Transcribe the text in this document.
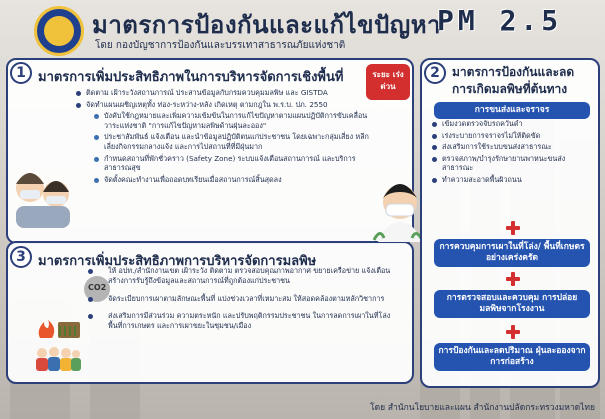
มาตรการป้องกันและแก้ไขปัญหา
PM 2.5
โดย กองบัญชาการป้องกันและบรรเทาสาธารณภัยแห่งชาติ
1 มาตรการเพิ่มประสิทธิภาพในการบริหารจัดการเชิงพื้นที่	ระยะ เร่งด่วน
ติดตาม เฝ้าระวังสถานการณ์ ประสานข้อมูลกับกรมควบคุมมลพิษ และ GISTDA
จัดทำแผนเผชิญเหตุทั้ง ท่อง-ระหว่าง-หลัง เกิดเหตุ ตามกฎใน พ.ร.บ. ปภ. 2550
บังคับใช้กฎหมายและเพิ่มความเข้มข้นในการแก้ไขปัญหาตามแผนปฏิบัติการขับเคลื่อนวาระแห่งชาติ "การแก้ไขปัญหามลพิษด้านฝุ่นละออง"
ประชาสัมพันธ์ แจ้งเตือน และนำข้อมูลปฏิบัติตนแก่ประชาชน โดยเฉพาะกลุ่มเสี่ยง หลีกเลี่ยงกิจกรรมกลางแจ้ง และการไปสถานที่ที่มีฝุ่นมาก
กำหนดสถานที่พักชั่วคราว (Safety Zone) ระบบแจ้งเตือนสถานการณ์ และบริการสาธารณสุข
จัดตั้งคณะทำงานเพื่อถอดบทเรียนเมื่อสถานการณ์สิ้นสุดลง
3 มาตรการเพิ่มประสิทธิภาพการบริหารจัดการมลพิษ
CO2
ให้ อปท./สำนักงานเขต เฝ้าระวัง ติดตาม ตรวจสอบคุณภาพอากาศ ขยายเครือข่าย แจ้งเตือน สร้างการรับรู้ถึงข้อมูลและสถานการณ์ที่ถูกต้องแก่ประชาชน
จัดระเบียบการเผาตามลักษณะพื้นที่ แบ่งช่วงเวลาที่เหมาะสม ให้สอดคล้องตามหลักวิชาการ
ส่งเสริมการมีส่วนร่วม ความตระหนัก และปรับพฤติกรรมประชาชน ในการลดการเผาในที่โล่ง พื้นที่การเกษตร และการเผาขยะในชุมชน/เมือง
2	มาตรการป้องกันและลด
การเกิดมลพิษที่ต้นทาง
การขนส่งและจราจร
เข้มงวดตรวจจับรถควันดำ
เร่งระบายการจราจรไม่ให้ติดขัด
ส่งเสริมการใช้ระบบขนส่งสาธารณะ
ตรวจสภาพ/บำรุงรักษายานพาหนะขนส่งสาธารณะ
ทำความสะอาดพื้นผิวถนน
การควบคุมการเผาในที่โล่ง/ พื้นที่เกษตรอย่างเคร่งครัด
การตรวจสอบและควบคุม การปล่อยมลพิษจากโรงงาน
การป้องกันและลดปริมาณ ฝุ่นละอองจากการก่อสร้าง
โดย สำนักนโยบายและแผน สำนักงานปลัดกระทรวงมหาดไทย
